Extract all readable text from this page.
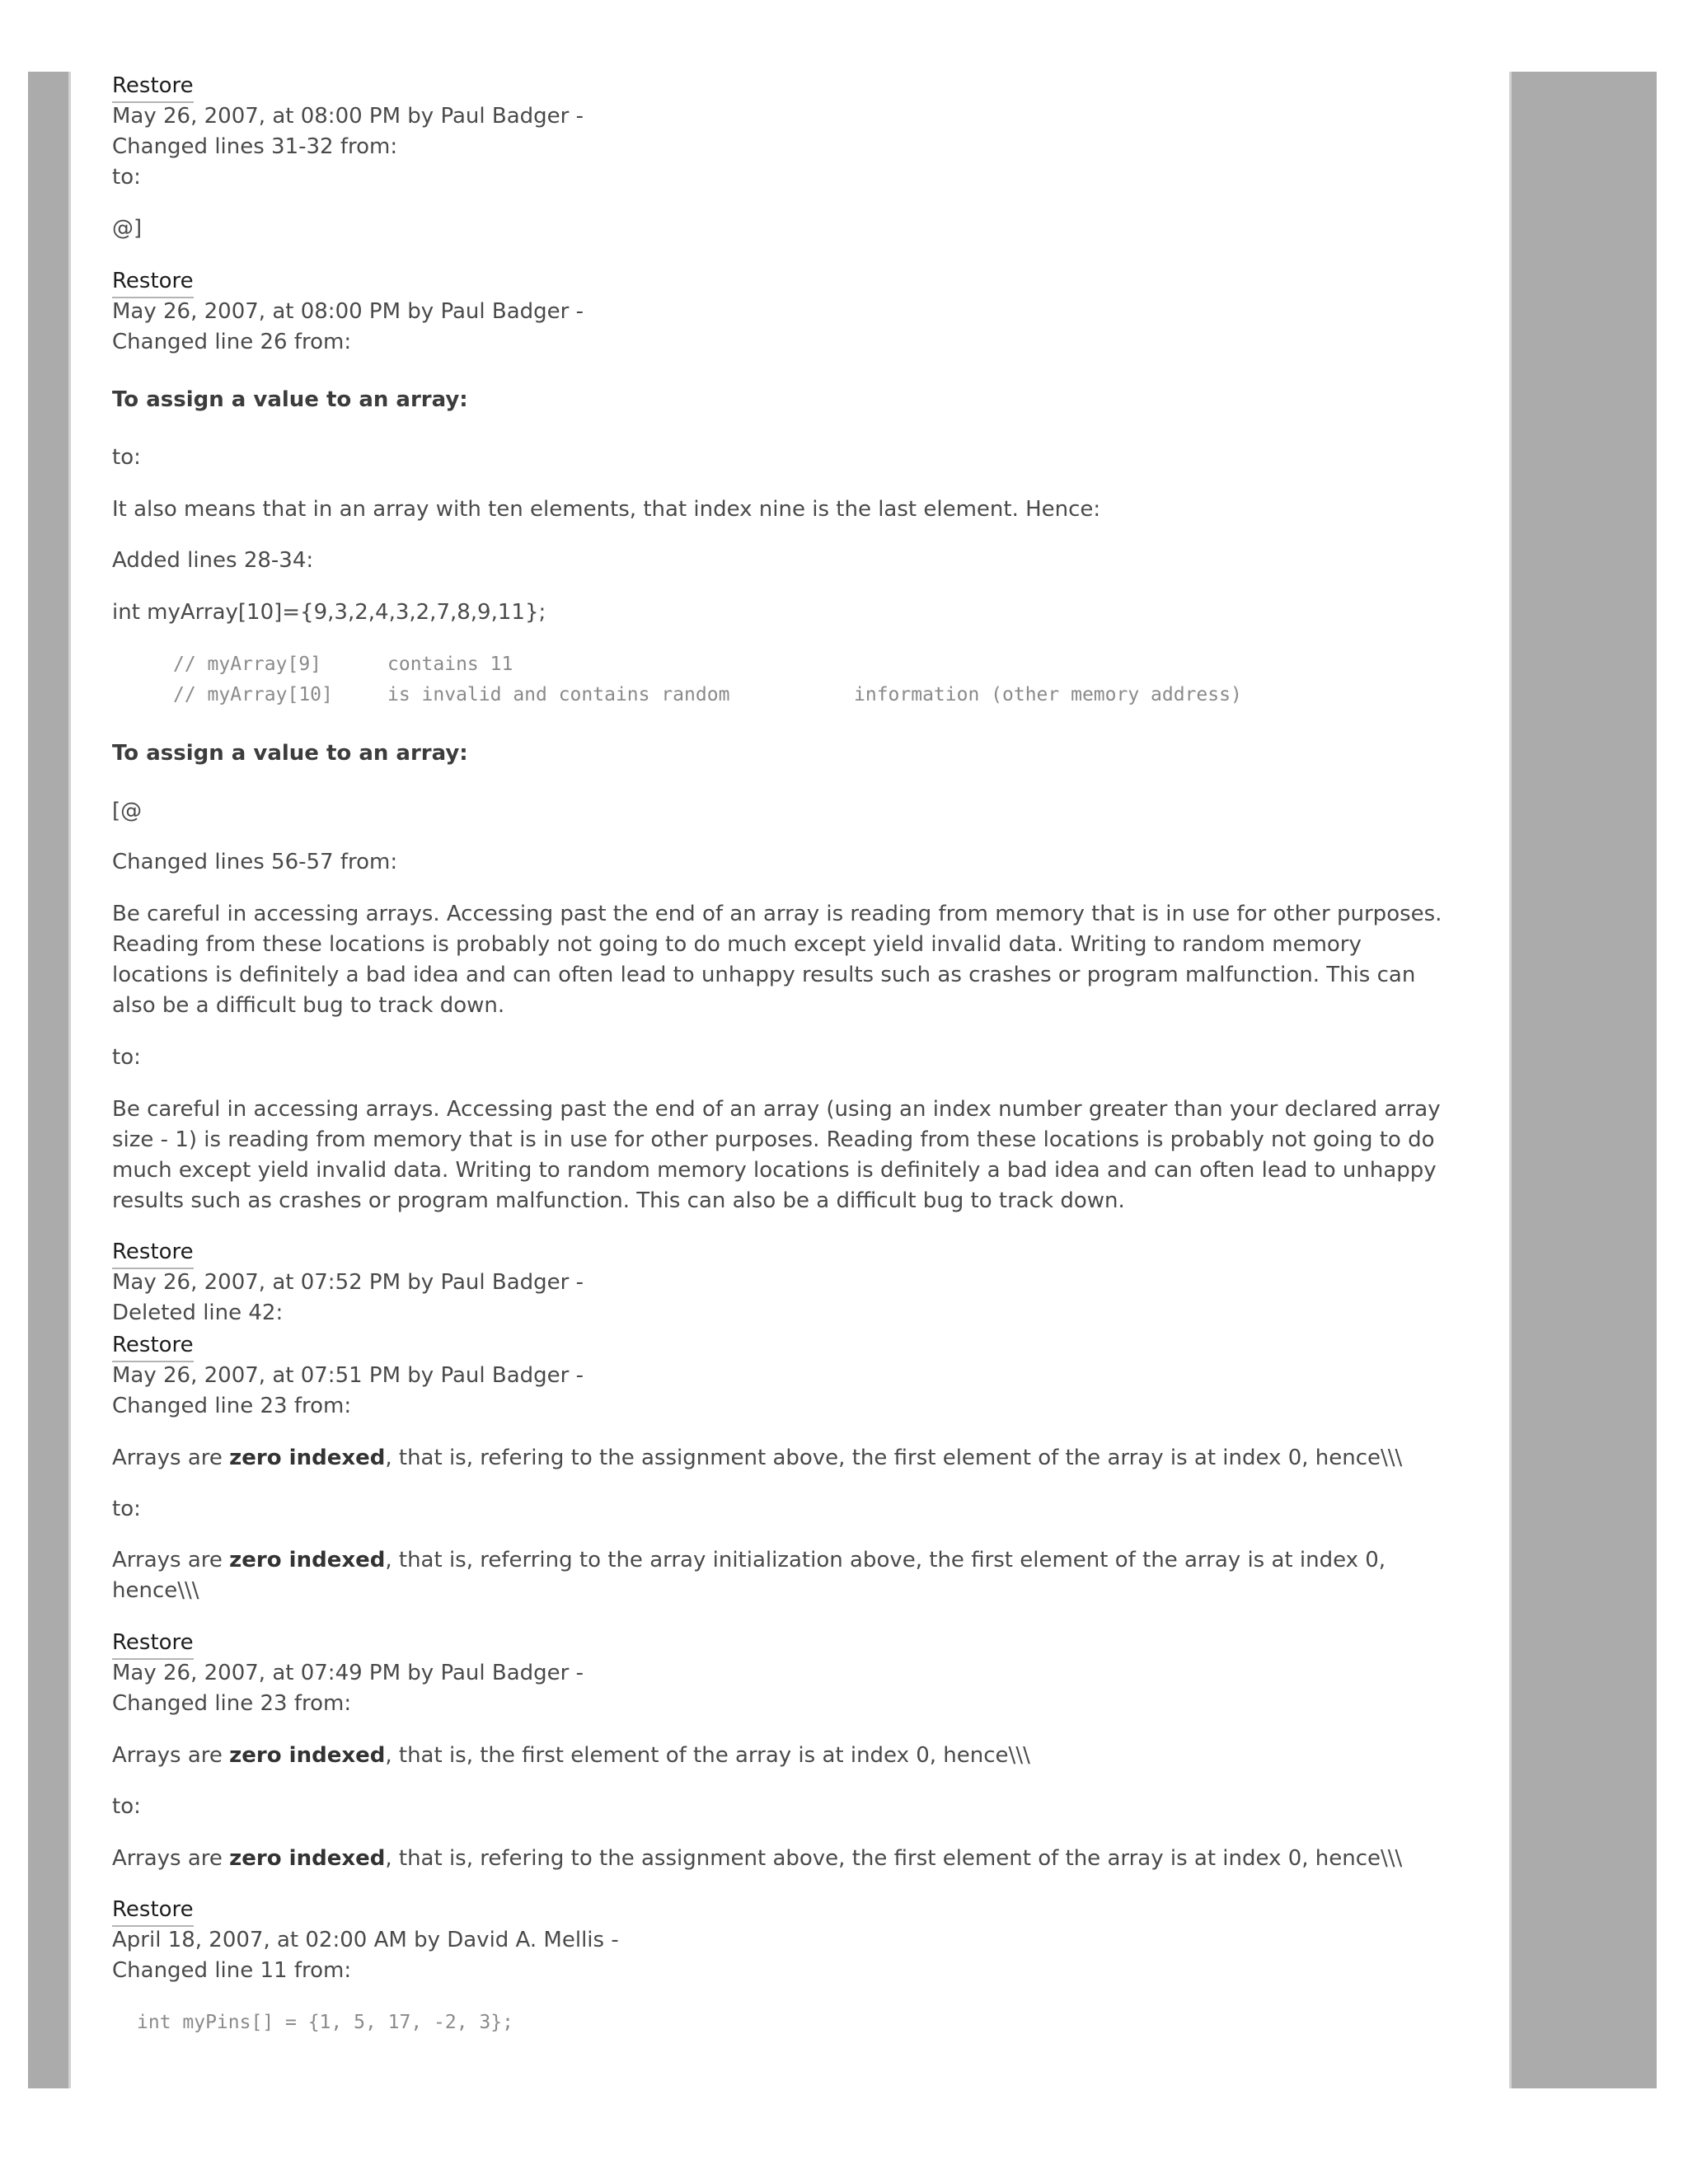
Restore

May 26, 2007, at 08:00 PM by Paul Badger -

Changed lines 31-32 from:

to:

@]

Restore

May 26, 2007, at 08:00 PM by Paul Badger -

Changed line 26 from:

To assign a value to an array:

to:

It also means that in an array with ten elements, that index nine is the last element. Hence:

Added lines 28-34:

int myArray[10]={9,3,2,4,3,2,7,8,9,11};

// myArray[9]	contains 11
// myArray[10]	is invalid and contains random	information (other memory address)

To assign a value to an array:

[@

Changed lines 56-57 from:

Be careful in accessing arrays. Accessing past the end of an array is reading from memory that is in use for other purposes. Reading from these locations is probably not going to do much except yield invalid data. Writing to random memory locations is definitely a bad idea and can often lead to unhappy results such as crashes or program malfunction. This can also be a difficult bug to track down.

to:

Be careful in accessing arrays. Accessing past the end of an array (using an index number greater than your declared array size - 1) is reading from memory that is in use for other purposes. Reading from these locations is probably not going to do much except yield invalid data. Writing to random memory locations is definitely a bad idea and can often lead to unhappy results such as crashes or program malfunction. This can also be a difficult bug to track down.

Restore

May 26, 2007, at 07:52 PM by Paul Badger -

Deleted line 42:

Restore

May 26, 2007, at 07:51 PM by Paul Badger -

Changed line 23 from:

Arrays are zero indexed, that is, refering to the assignment above, the first element of the array is at index 0, hence\\\

to:

Arrays are zero indexed, that is, referring to the array initialization above, the first element of the array is at index 0, hence\\\

Restore

May 26, 2007, at 07:49 PM by Paul Badger -

Changed line 23 from:

Arrays are zero indexed, that is, the first element of the array is at index 0, hence\\\

to:

Arrays are zero indexed, that is, refering to the assignment above, the first element of the array is at index 0, hence\\\

Restore

April 18, 2007, at 02:00 AM by David A. Mellis -

Changed line 11 from:

int myPins[] = {1, 5, 17, -2, 3};
